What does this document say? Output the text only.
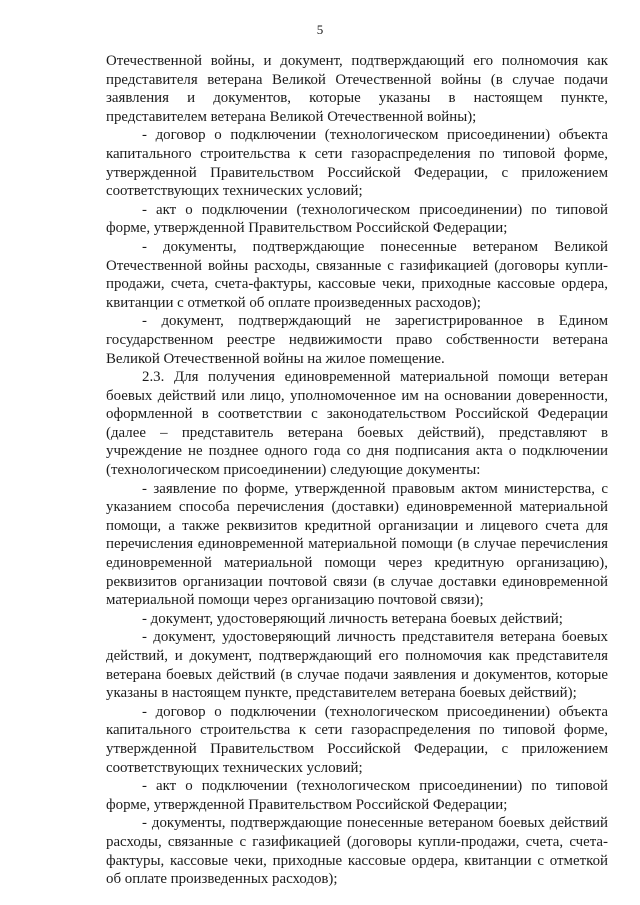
5

Отечественной войны, и документ, подтверждающий его полномочия как представителя ветерана Великой Отечественной войны (в случае подачи заявления и документов, которые указаны в настоящем пункте, представителем ветерана Великой Отечественной войны);

- договор о подключении (технологическом присоединении) объекта капитального строительства к сети газораспределения по типовой форме, утвержденной Правительством Российской Федерации, с приложением соответствующих технических условий;

- акт о подключении (технологическом присоединении) по типовой форме, утвержденной Правительством Российской Федерации;

- документы, подтверждающие понесенные ветераном Великой Отечественной войны расходы, связанные с газификацией (договоры купли-продажи, счета, счета-фактуры, кассовые чеки, приходные кассовые ордера, квитанции с отметкой об оплате произведенных расходов);

- документ, подтверждающий не зарегистрированное в Едином государственном реестре недвижимости право собственности ветерана Великой Отечественной войны на жилое помещение.

2.3. Для получения единовременной материальной помощи ветеран боевых действий или лицо, уполномоченное им на основании доверенности, оформленной в соответствии с законодательством Российской Федерации (далее – представитель ветерана боевых действий), представляют в учреждение не позднее одного года со дня подписания акта о подключении (технологическом присоединении) следующие документы:

- заявление по форме, утвержденной правовым актом министерства, с указанием способа перечисления (доставки) единовременной материальной помощи, а также реквизитов кредитной организации и лицевого счета для перечисления единовременной материальной помощи (в случае перечисления единовременной материальной помощи через кредитную организацию), реквизитов организации почтовой связи (в случае доставки единовременной материальной помощи через организацию почтовой связи);

- документ, удостоверяющий личность ветерана боевых действий;

- документ, удостоверяющий личность представителя ветерана боевых действий, и документ, подтверждающий его полномочия как представителя ветерана боевых действий (в случае подачи заявления и документов, которые указаны в настоящем пункте, представителем ветерана боевых действий);

- договор о подключении (технологическом присоединении) объекта капитального строительства к сети газораспределения по типовой форме, утвержденной Правительством Российской Федерации, с приложением соответствующих технических условий;

- акт о подключении (технологическом присоединении) по типовой форме, утвержденной Правительством Российской Федерации;

- документы, подтверждающие понесенные ветераном боевых действий расходы, связанные с газификацией (договоры купли-продажи, счета, счета-фактуры, кассовые чеки, приходные кассовые ордера, квитанции с отметкой об оплате произведенных расходов);
